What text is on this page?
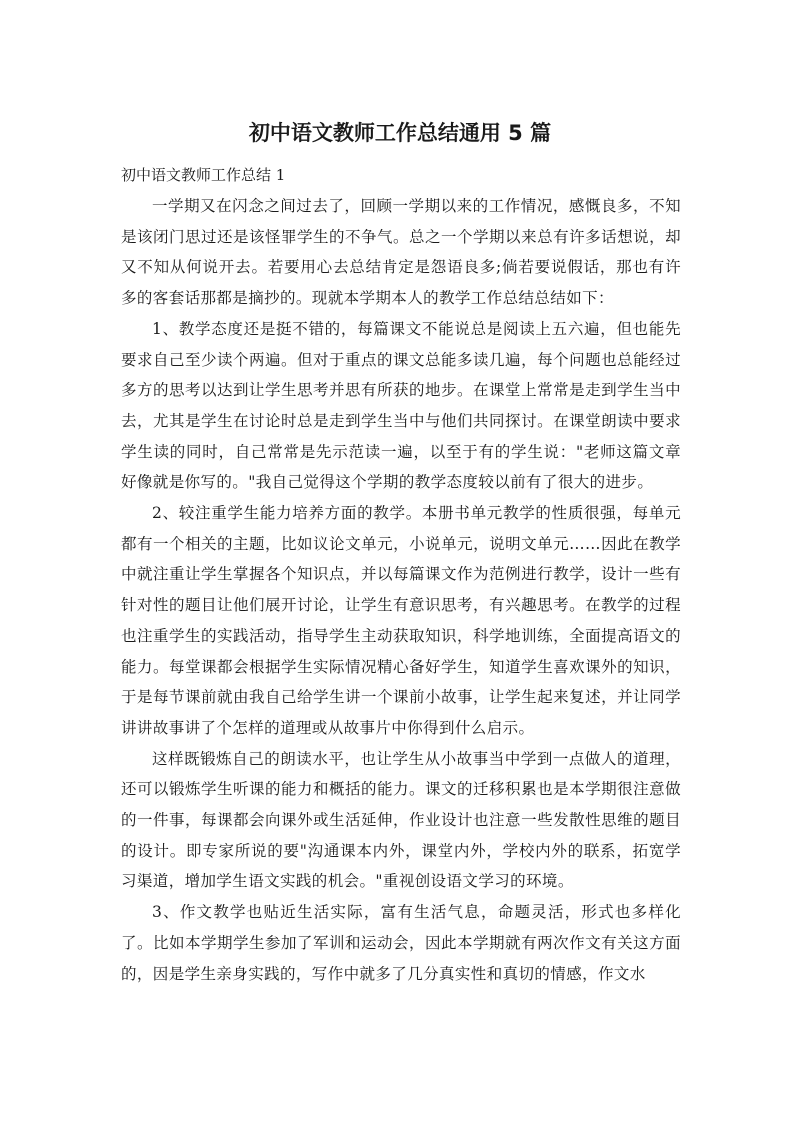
初中语文教师工作总结通用 5 篇

初中语文教师工作总结 1

一学期又在闪念之间过去了，回顾一学期以来的工作情况，感慨良多，不知是该闭门思过还是该怪罪学生的不争气。总之一个学期以来总有许多话想说，却又不知从何说开去。若要用心去总结肯定是怨语良多;倘若要说假话，那也有许多的客套话那都是摘抄的。现就本学期本人的教学工作总结总结如下：

1、教学态度还是挺不错的，每篇课文不能说总是阅读上五六遍，但也能先要求自己至少读个两遍。但对于重点的课文总能多读几遍，每个问题也总能经过多方的思考以达到让学生思考并思有所获的地步。在课堂上常常是走到学生当中去，尤其是学生在讨论时总是走到学生当中与他们共同探讨。在课堂朗读中要求学生读的同时，自己常常是先示范读一遍，以至于有的学生说："老师这篇文章好像就是你写的。"我自己觉得这个学期的教学态度较以前有了很大的进步。

2、较注重学生能力培养方面的教学。本册书单元教学的性质很强，每单元都有一个相关的主题，比如议论文单元，小说单元，说明文单元……因此在教学中就注重让学生掌握各个知识点，并以每篇课文作为范例进行教学，设计一些有针对性的题目让他们展开讨论，让学生有意识思考，有兴趣思考。在教学的过程也注重学生的实践活动，指导学生主动获取知识，科学地训练，全面提高语文的能力。每堂课都会根据学生实际情况精心备好学生，知道学生喜欢课外的知识，于是每节课前就由我自己给学生讲一个课前小故事，让学生起来复述，并让同学讲讲故事讲了个怎样的道理或从故事片中你得到什么启示。

这样既锻炼自己的朗读水平，也让学生从小故事当中学到一点做人的道理，还可以锻炼学生听课的能力和概括的能力。课文的迁移积累也是本学期很注意做的一件事，每课都会向课外或生活延伸，作业设计也注意一些发散性思维的题目的设计。即专家所说的要"沟通课本内外，课堂内外，学校内外的联系，拓宽学习渠道，增加学生语文实践的机会。"重视创设语文学习的环境。

3、作文教学也贴近生活实际，富有生活气息，命题灵活，形式也多样化了。比如本学期学生参加了军训和运动会，因此本学期就有两次作文有关这方面的，因是学生亲身实践的，写作中就多了几分真实性和真切的情感，作文水
